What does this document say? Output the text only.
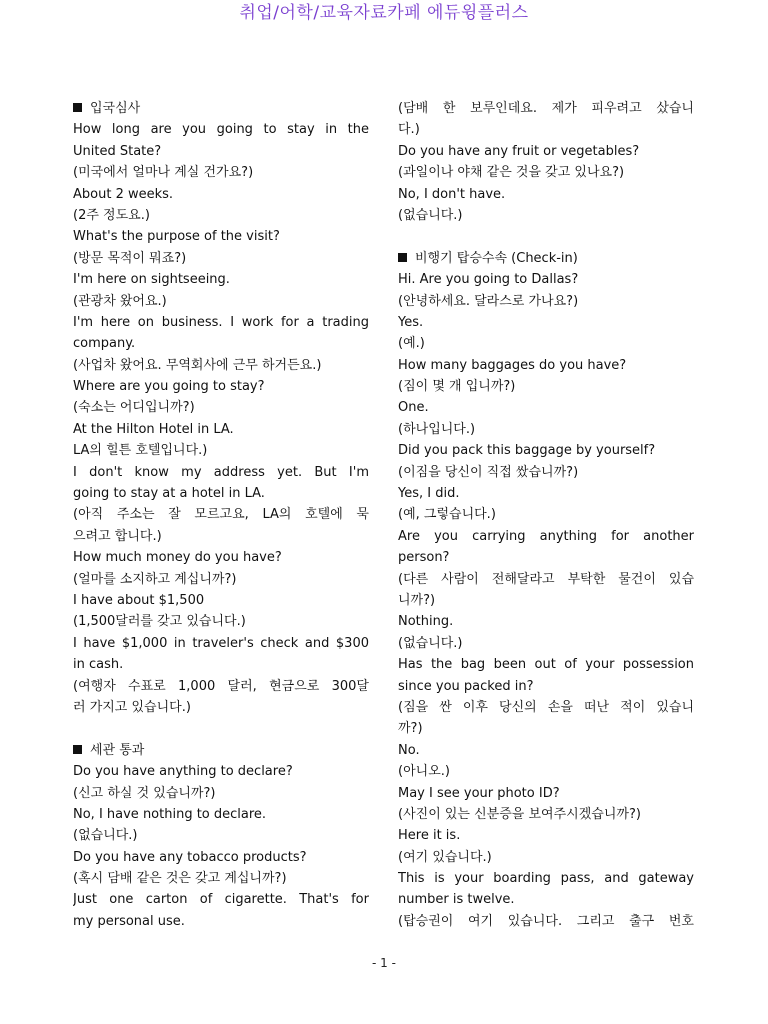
취업/어학/교육자료카페 에듀윙플러스
입국심사
How long are you going to stay in the
United State?
(미국에서 얼마나 계실 건가요?)
About 2 weeks.
(2주 정도요.)
What's the purpose of the visit?
(방문 목적이 뭐죠?)
I'm here on sightseeing.
(관광차 왔어요.)
I'm here on business. I work for a trading
company.
(사업차 왔어요. 무역회사에 근무 하거든요.)
Where are you going to stay?
(숙소는 어디입니까?)
At the Hilton Hotel in LA.
LA의 힐튼 호텔입니다.)
I don't know my address yet. But I'm
going to stay at a hotel in LA.
(아직 주소는 잘 모르고요, LA의 호텔에 묵
으려고 합니다.)
How much money do you have?
(얼마를 소지하고 계십니까?)
I have about $1,500
(1,500달러를 갖고 있습니다.)
I have $1,000 in traveler's check and $300
in cash.
(여행자 수표로 1,000 달러, 현금으로 300달
러 가지고 있습니다.)
세관 통과
Do you have anything to declare?
(신고 하실 것 있습니까?)
No, I have nothing to declare.
(없습니다.)
Do you have any tobacco products?
(혹시 담배 같은 것은 갖고 계십니까?)
Just one carton of cigarette. That's for
my personal use.
(담배 한 보루인데요. 제가 피우려고 샀습니
다.)
Do you have any fruit or vegetables?
(과일이나 야채 같은 것을 갖고 있나요?)
No, I don't have.
(없습니다.)
비행기 탑승수속 (Check-in)
Hi. Are you going to Dallas?
(안녕하세요. 달라스로 가나요?)
Yes.
(예.)
How many baggages do you have?
(짐이 몇 개 입니까?)
One.
(하나입니다.)
Did you pack this baggage by yourself?
(이짐을 당신이 직접 쌌습니까?)
Yes, I did.
(예, 그렇습니다.)
Are you carrying anything for another
person?
(다른 사람이 전해달라고 부탁한 물건이 있습
니까?)
Nothing.
(없습니다.)
Has the bag been out of your possession
since you packed in?
(짐을 싼 이후 당신의 손을 떠난 적이 있습니
까?)
No.
(아니오.)
May I see your photo ID?
(사진이 있는 신분증을 보여주시겠습니까?)
Here it is.
(여기 있습니다.)
This is your boarding pass, and gateway
number is twelve.
(탑승권이 여기 있습니다. 그리고 출구 번호
- 1 -
